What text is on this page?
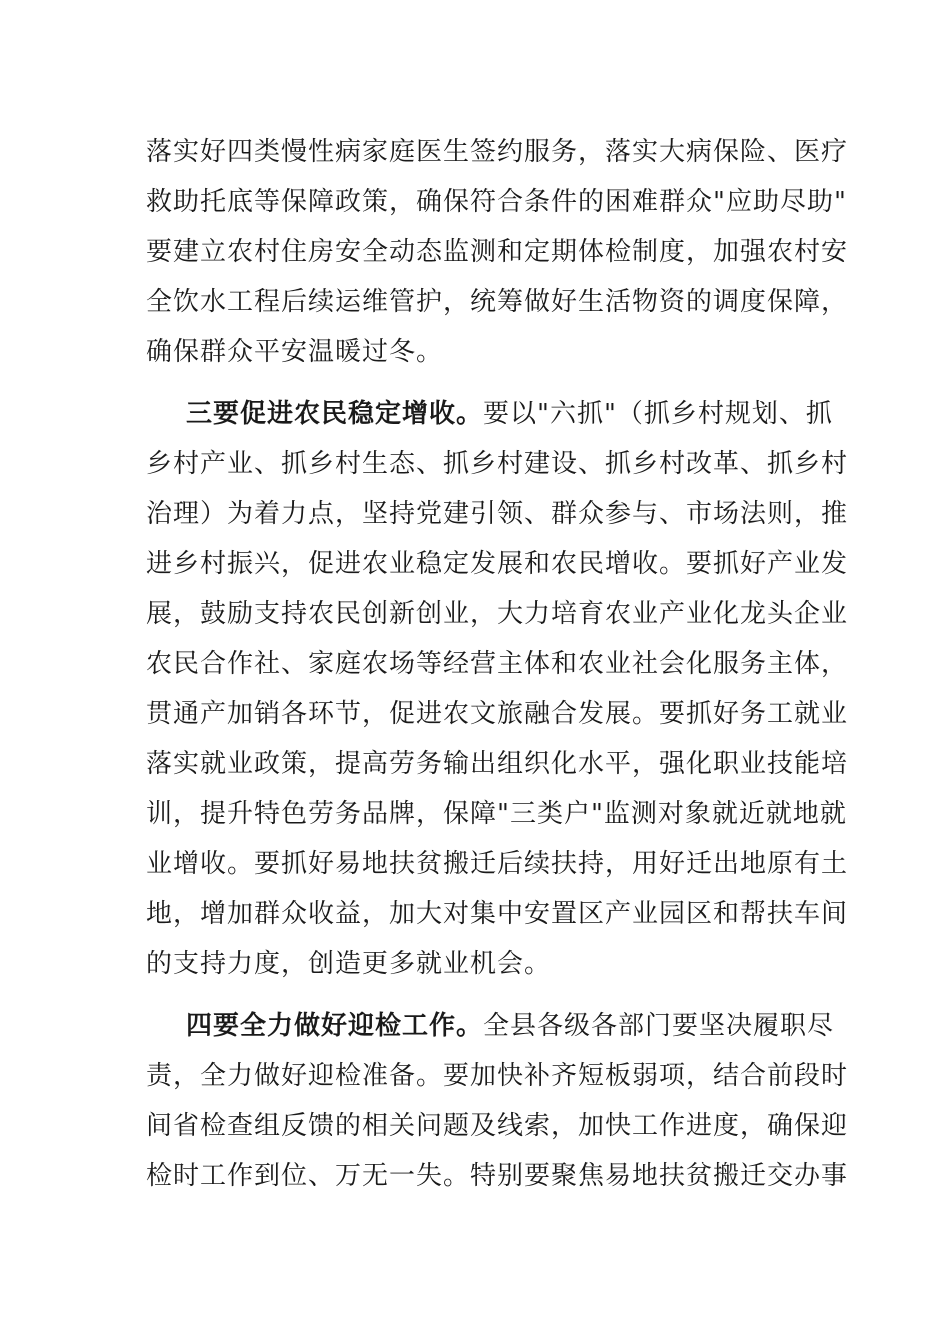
落实好四类慢性病家庭医生签约服务，落实大病保险、医疗
救助托底等保障政策，确保符合条件的困难群众"应助尽助"
要建立农村住房安全动态监测和定期体检制度，加强农村安
全饮水工程后续运维管护，统筹做好生活物资的调度保障，
确保群众平安温暖过冬。
三要促进农民稳定增收。要以"六抓"（抓乡村规划、抓
乡村产业、抓乡村生态、抓乡村建设、抓乡村改革、抓乡村
治理）为着力点，坚持党建引领、群众参与、市场法则，推
进乡村振兴，促进农业稳定发展和农民增收。要抓好产业发
展，鼓励支持农民创新创业，大力培育农业产业化龙头企业
农民合作社、家庭农场等经营主体和农业社会化服务主体，
贯通产加销各环节，促进农文旅融合发展。要抓好务工就业
落实就业政策，提高劳务输出组织化水平，强化职业技能培
训，提升特色劳务品牌，保障"三类户"监测对象就近就地就
业增收。要抓好易地扶贫搬迁后续扶持，用好迁出地原有土
地，增加群众收益，加大对集中安置区产业园区和帮扶车间
的支持力度，创造更多就业机会。
四要全力做好迎检工作。全县各级各部门要坚决履职尽
责，全力做好迎检准备。要加快补齐短板弱项，结合前段时
间省检查组反馈的相关问题及线索，加快工作进度，确保迎
检时工作到位、万无一失。特别要聚焦易地扶贫搬迁交办事
